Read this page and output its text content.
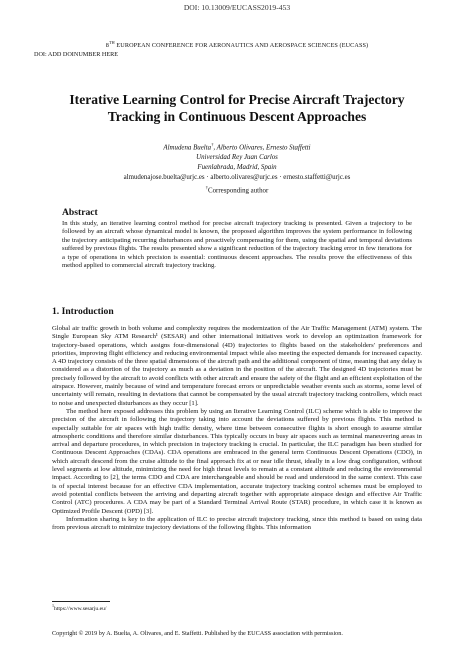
DOI: 10.13009/EUCASS2019-453
8TH EUROPEAN CONFERENCE FOR AERONAUTICS AND AEROSPACE SCIENCES (EUCASS)
DOI: ADD DOINUMBER HERE
Iterative Learning Control for Precise Aircraft Trajectory
Tracking in Continuous Descent Approaches
Almudena Buelta†, Alberto Olivares, Ernesto Staffetti
Universidad Rey Juan Carlos
Fuenlabrada, Madrid, Spain
almudenajose.buelta@urjc.es · alberto.olivares@urjc.es · ernesto.staffetti@urjc.es
†Corresponding author
Abstract
In this study, an iterative learning control method for precise aircraft trajectory tracking is presented. Given a trajectory to be followed by an aircraft whose dynamical model is known, the proposed algorithm improves the system performance in following the trajectory anticipating recurring disturbances and proactively compensating for them, using the spatial and temporal deviations suffered by previous flights. The results presented show a significant reduction of the trajectory tracking error in few iterations for a type of operations in which precision is essential: continuous descent approaches. The results prove the effectiveness of this method applied to commercial aircraft trajectory tracking.
1. Introduction

Global air traffic growth in both volume and complexity requires the modernization of the Air Traffic Management (ATM) system. The Single European Sky ATM Research¹ (SESAR) and other international initiatives work to develop an optimization framework for trajectory-based operations, which assigns four-dimensional (4D) trajectories to flights based on the stakeholders' preferences and priorities, improving flight efficiency and reducing environmental impact while also meeting the expected demands for increased capacity. A 4D trajectory consists of the three spatial dimensions of the aircraft path and the additional component of time, meaning that any delay is considered as a distortion of the trajectory as much as a deviation in the position of the aircraft. The designed 4D trajectories must be precisely followed by the aircraft to avoid conflicts with other aircraft and ensure the safety of the flight and an efficient exploitation of the airspace. However, mainly because of wind and temperature forecast errors or unpredictable weather events such as storms, some level of uncertainty will remain, resulting in deviations that cannot be compensated by the usual aircraft trajectory tracking controllers, which react to noise and unexpected disturbances as they occur [1].

The method here exposed addresses this problem by using an Iterative Learning Control (ILC) scheme which is able to improve the precision of the aircraft in following the trajectory taking into account the deviations suffered by previous flights. This method is especially suitable for air spaces with high traffic density, where time between consecutive flights is short enough to assume similar atmospheric conditions and therefore similar disturbances. This typically occurs in busy air spaces such as terminal maneuvering areas in arrival and departure procedures, in which precision in trajectory tracking is crucial. In particular, the ILC paradigm has been studied for Continuous Descent Approaches (CDAs). CDA operations are embraced in the general term Continuous Descent Operations (CDO), in which aircraft descend from the cruise altitude to the final approach fix at or near idle thrust, ideally in a low drag configuration, without level segments at low altitude, minimizing the need for high thrust levels to remain at a constant altitude and reducing the environmental impact. According to [2], the terms CDO and CDA are interchangeable and should be read and understood in the same context. This case is of special interest because for an effective CDA implementation, accurate trajectory tracking control schemes must be employed to avoid potential conflicts between the arriving and departing aircraft together with appropriate airspace design and effective Air Traffic Control (ATC) procedures. A CDA may be part of a Standard Terminal Arrival Route (STAR) procedure, in which case it is known as Optimized Profile Descent (OPD) [3].

Information sharing is key to the application of ILC to precise aircraft trajectory tracking, since this method is based on using data from previous aircraft to minimize trajectory deviations of the following flights. This information

$^1$https://www.sesarju.eu/
Copyright © 2019 by A. Buelta, A. Olivares, and E. Staffetti. Published by the EUCASS association with permission.
